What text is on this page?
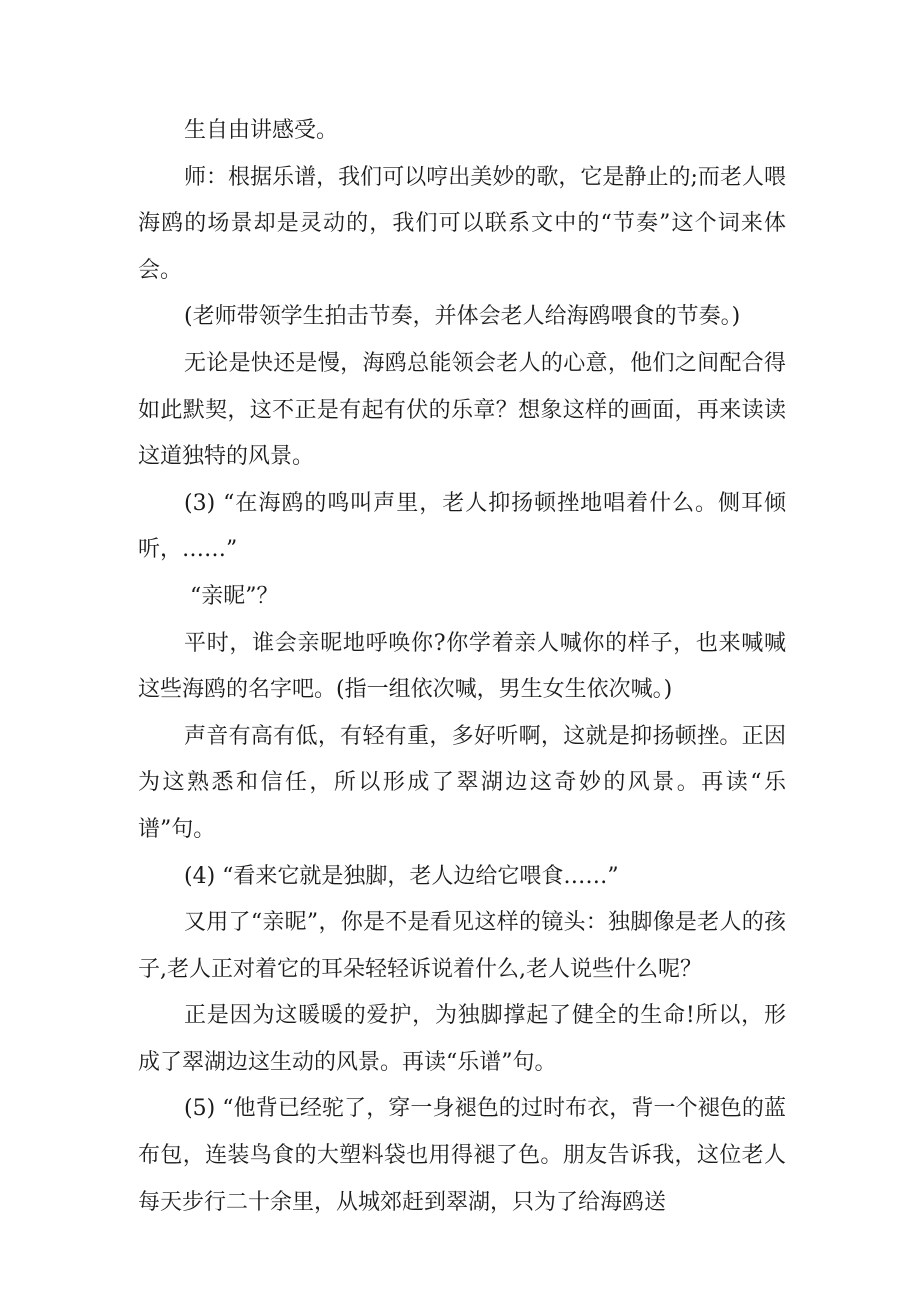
生自由讲感受。

师：根据乐谱，我们可以哼出美妙的歌，它是静止的;而老人喂海鸥的场景却是灵动的，我们可以联系文中的“节奏”这个词来体会。

(老师带领学生拍击节奏，并体会老人给海鸥喂食的节奏。)

无论是快还是慢，海鸥总能领会老人的心意，他们之间配合得如此默契，这不正是有起有伏的乐章？想象这样的画面，再来读读这道独特的风景。

(3) “在海鸥的鸣叫声里，老人抑扬顿挫地唱着什么。侧耳倾听，……”

“亲昵”？

平时，谁会亲昵地呼唤你?你学着亲人喊你的样子，也来喊喊这些海鸥的名字吧。(指一组依次喊，男生女生依次喊。)

声音有高有低，有轻有重，多好听啊，这就是抑扬顿挫。正因为这熟悉和信任，所以形成了翠湖边这奇妙的风景。再读“乐谱”句。

(4) “看来它就是独脚，老人边给它喂食……”

又用了“亲昵”，你是不是看见这样的镜头：独脚像是老人的孩子,老人正对着它的耳朵轻轻诉说着什么,老人说些什么呢？

正是因为这暖暖的爱护，为独脚撑起了健全的生命!所以，形成了翠湖边这生动的风景。再读“乐谱”句。

(5) “他背已经驼了，穿一身褪色的过时布衣，背一个褪色的蓝布包，连装鸟食的大塑料袋也用得褪了色。朋友告诉我，这位老人每天步行二十余里，从城郊赶到翠湖，只为了给海鸥送
